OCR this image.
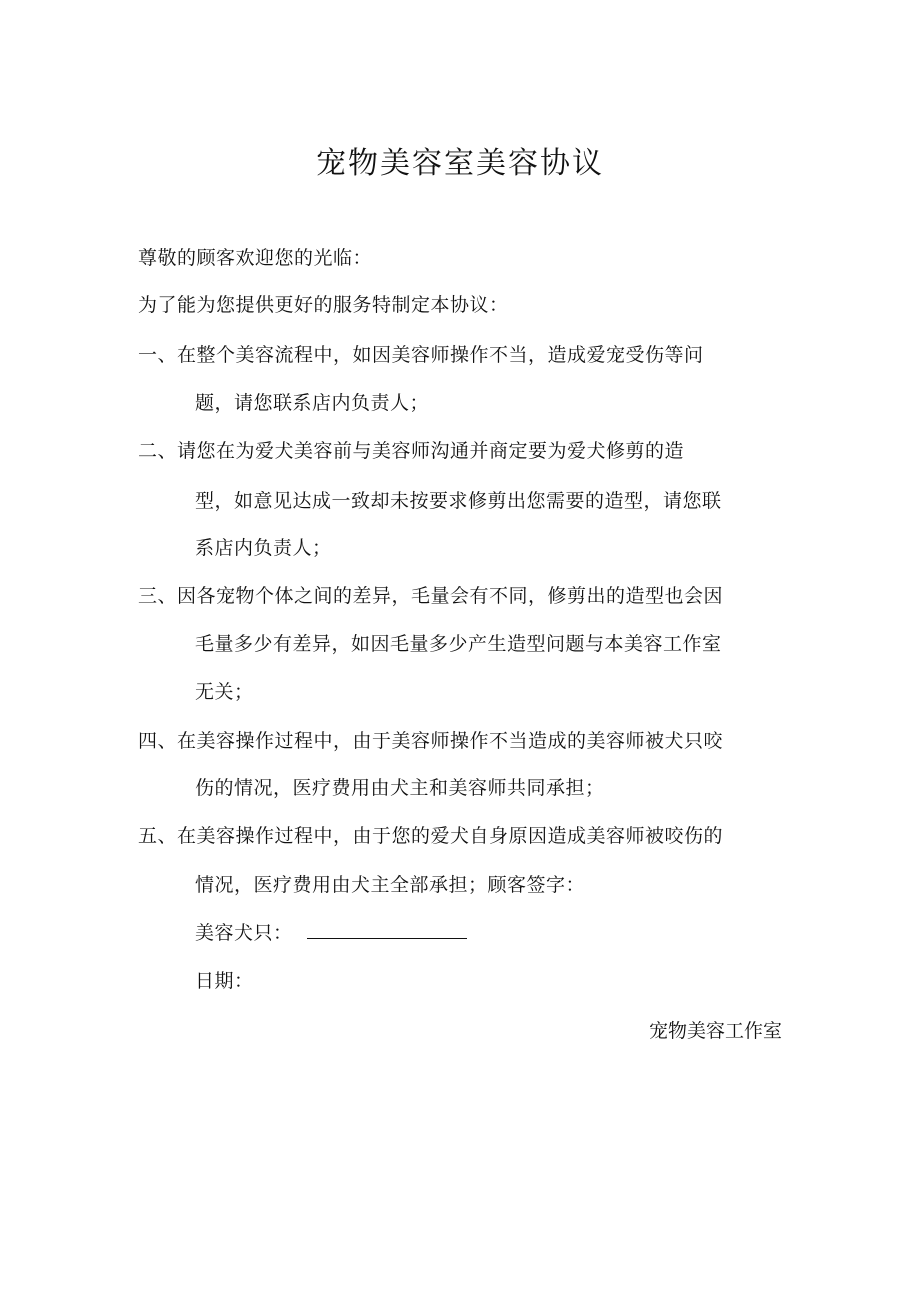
宠物美容室美容协议
尊敬的顾客欢迎您的光临：
为了能为您提供更好的服务特制定本协议：
一、在整个美容流程中，如因美容师操作不当，造成爱宠受伤等问
题，请您联系店内负责人；
二、请您在为爱犬美容前与美容师沟通并商定要为爱犬修剪的造
型，如意见达成一致却未按要求修剪出您需要的造型，请您联
系店内负责人；
三、因各宠物个体之间的差异，毛量会有不同，修剪出的造型也会因
毛量多少有差异，如因毛量多少产生造型问题与本美容工作室
无关；
四、在美容操作过程中，由于美容师操作不当造成的美容师被犬只咬
伤的情况，医疗费用由犬主和美容师共同承担；
五、在美容操作过程中，由于您的爱犬自身原因造成美容师被咬伤的
情况，医疗费用由犬主全部承担；顾客签字：
美容犬只：
日期：
宠物美容工作室
